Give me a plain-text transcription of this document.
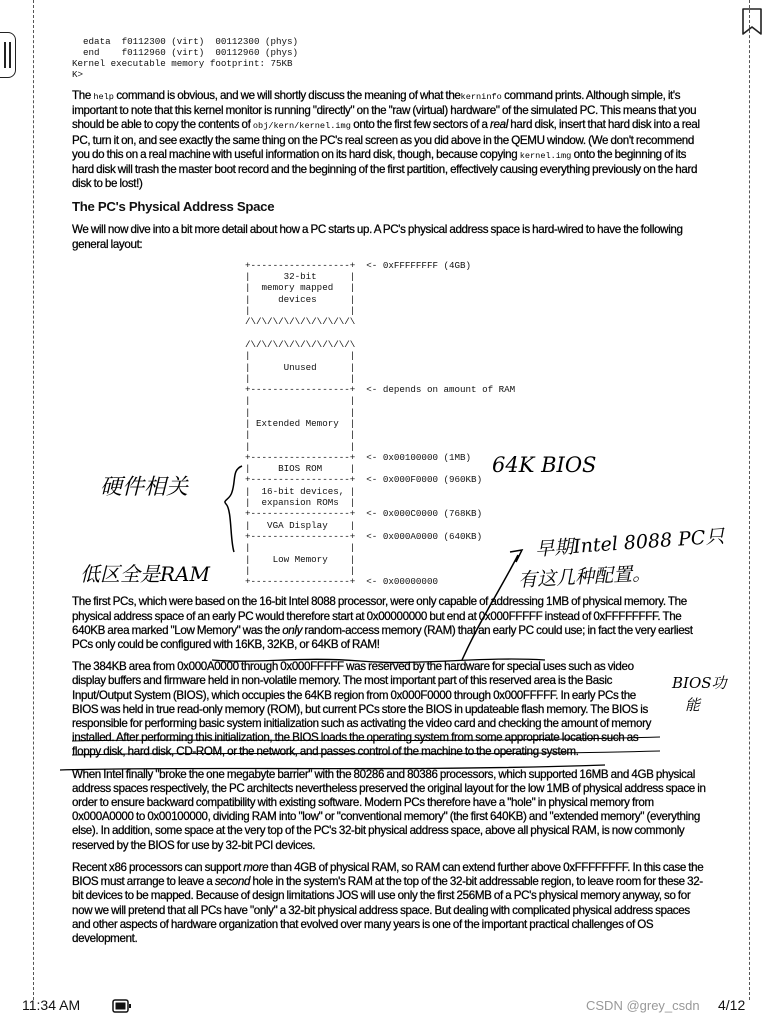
edata  f0112300 (virt)  00112300 (phys)
end    f0112960 (virt)  00112960 (phys)
Kernel executable memory footprint: 75KB
K>
The help command is obvious, and we will shortly discuss the meaning of what thekerninfo command prints. Although simple, it's important to note that this kernel monitor is running "directly" on the "raw (virtual) hardware" of the simulated PC. This means that you should be able to copy the contents of obj/kern/kernel.img onto the first few sectors of a real hard disk, insert that hard disk into a real PC, turn it on, and see exactly the same thing on the PC's real screen as you did above in the QEMU window. (We don't recommend you do this on a real machine with useful information on its hard disk, though, because copying kernel.img onto the beginning of its hard disk will trash the master boot record and the beginning of the first partition, effectively causing everything previously on the hard disk to be lost!)
The PC's Physical Address Space
We will now dive into a bit more detail about how a PC starts up. A PC's physical address space is hard-wired to have the following general layout:
+------------------+  <- 0xFFFFFFFF (4GB)
|      32-bit      |
|  memory mapped   |
|     devices      |
|                  |
/\/\/\/\/\/\/\/\/\/\
/\/\/\/\/\/\/\/\/\/\
|                  |
|      Unused      |
|                  |
+------------------+  <- depends on amount of RAM
|                  |
|                  |
| Extended Memory  |
|                  |
|                  |
+------------------+  <- 0x00100000 (1MB)
|     BIOS ROM     |
+------------------+  <- 0x000F0000 (960KB)
|  16-bit devices, |
|  expansion ROMs  |
+------------------+  <- 0x000C0000 (768KB)
|   VGA Display    |
+------------------+  <- 0x000A0000 (640KB)
|                  |
|    Low Memory    |
|                  |
+------------------+  <- 0x00000000
The first PCs, which were based on the 16-bit Intel 8088 processor, were only capable of addressing 1MB of physical memory. The physical address space of an early PC would therefore start at 0x00000000 but end at 0x000FFFFF instead of 0xFFFFFFFF. The 640KB area marked "Low Memory" was the only random-access memory (RAM) that an early PC could use; in fact the very earliest PCs only could be configured with 16KB, 32KB, or 64KB of RAM!
The 384KB area from 0x000A0000 through 0x000FFFFF was reserved by the hardware for special uses such as video display buffers and firmware held in non-volatile memory. The most important part of this reserved area is the Basic Input/Output System (BIOS), which occupies the 64KB region from 0x000F0000 through 0x000FFFFF. In early PCs the BIOS was held in true read-only memory (ROM), but current PCs store the BIOS in updateable flash memory. The BIOS is responsible for performing basic system initialization such as activating the video card and checking the amount of memory installed. After performing this initialization, the BIOS loads the operating system from some appropriate location such as floppy disk, hard disk, CD-ROM, or the network, and passes control of the machine to the operating system.
When Intel finally "broke the one megabyte barrier" with the 80286 and 80386 processors, which supported 16MB and 4GB physical address spaces respectively, the PC architects nevertheless preserved the original layout for the low 1MB of physical address space in order to ensure backward compatibility with existing software. Modern PCs therefore have a "hole" in physical memory from 0x000A0000 to 0x00100000, dividing RAM into "low" or "conventional memory" (the first 640KB) and "extended memory" (everything else). In addition, some space at the very top of the PC's 32-bit physical address space, above all physical RAM, is now commonly reserved by the BIOS for use by 32-bit PCI devices.
Recent x86 processors can support more than 4GB of physical RAM, so RAM can extend further above 0xFFFFFFFF. In this case the BIOS must arrange to leave a second hole in the system's RAM at the top of the 32-bit addressable region, to leave room for these 32-bit devices to be mapped. Because of design limitations JOS will use only the first 256MB of a PC's physical memory anyway, so for now we will pretend that all PCs have "only" a 32-bit physical address space. But dealing with complicated physical address spaces and other aspects of hardware organization that evolved over many years is one of the important practical challenges of OS development.
硬件相关
低区全是RAM
64K BIOS
早期Intel 8088 PC只
有这几种配置。
BIOS功
能
11:34 AM	CSDN @grey_csdn 4/12
